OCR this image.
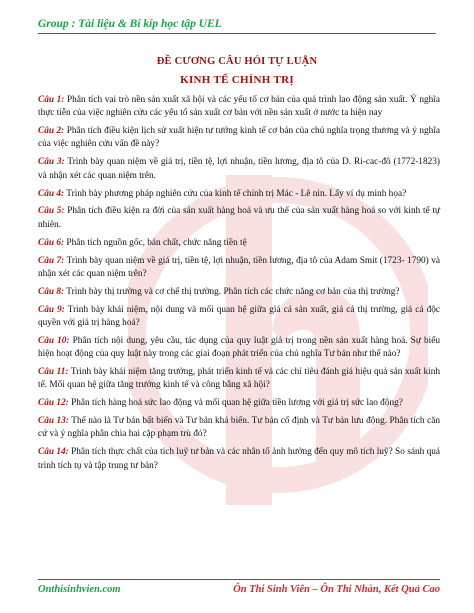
Group : Tài liệu & Bí kíp học tập UEL
ĐỀ CƯƠNG CÂU HỎI TỰ LUẬN
KINH TẾ CHÍNH TRỊ

Câu 1: Phân tích vai trò nền sản xuất xã hội và các yếu tố cơ bản của quá trình lao động sản xuất. Ý nghĩa thực tiễn của việc nghiên cứu các yếu tố sản xuất cơ bản với nền sản xuất ở nước ta hiện nay

Câu 2: Phân tích điều kiện lịch sử xuất hiện tư tưởng kinh tế cơ bản của chủ nghĩa trọng thương và ý nghĩa của việc nghiên cứu vấn đề này?

Câu 3: Trình bày quan niệm về giá trị, tiền tệ, lợi nhuận, tiền lương, địa tô của D. Ri-cac-đô (1772-1823) và nhận xét các quan niệm trên.

Câu 4: Trình bày phương pháp nghiên cứu của kinh tế chính trị Mác - Lê nin. Lấy ví dụ minh họa?

Câu 5: Phân tích điều kiện ra đời của sản xuất hàng hoá và ưu thế của sản xuất hàng hoá so với kinh tế tự nhiên.

Câu 6: Phân tích nguồn gốc, bản chất, chức năng tiền tệ

Câu 7: Trình bày quan niệm về giá trị, tiền tệ, lợi nhuận, tiền lương, địa tô của Adam Smit (1723- 1790) và nhận xét các quan niệm trên?

Câu 8: Trình bày thị trường và cơ chế thị trường. Phân tích các chức năng cơ bản của thị trường?

Câu 9: Trình bày khái niệm, nội dung và mối quan hệ giữa giá cả sản xuất, giá cả thị trường, giá cả độc quyền với giá trị hàng hoá?

Câu 10: Phân tích nội dung, yêu cầu, tác dụng của quy luật giá trị trong nền sản xuất hàng hoá. Sự biểu hiện hoạt động của quy luật này trong các giai đoạn phát triển của chủ nghĩa Tư bản như thế nào?

Câu 11: Trình bày khái niệm tăng trưởng, phát triển kinh tế và các chỉ tiêu đánh giá hiệu quả sản xuất kinh tế. Mối quan hệ giữa tăng trưởng kinh tế và công bằng xã hội?

Câu 12: Phân tích hàng hoá sức lao động và mối quan hệ giữa tiền lương với giá trị sức lao động?

Câu 13: Thế nào là Tư bản bất biến và Tư bản khả biến. Tư bản cố định và Tư bản lưu động. Phân tích căn cứ và ý nghĩa phân chia hai cặp phạm trù đó?

Câu 14: Phân tích thực chất của tích luỹ tư bản và các nhân tố ảnh hưởng đến quy mô tích luỹ? So sánh quá trình tích tụ và tập trung tư bản?

Onthisinhvien.com	Ôn Thi Sinh Viên – Ôn Thi Nhàn, Kết Quả Cao
